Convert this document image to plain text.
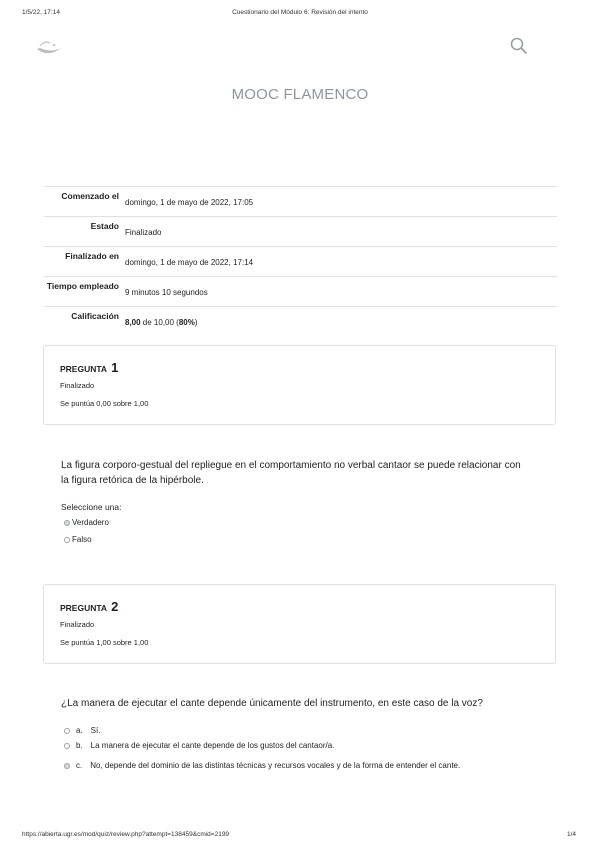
1/5/22, 17:14	Cuestionario del Módulo 6: Revisión del intento
MOOC FLAMENCO
Comenzado el	domingo, 1 de mayo de 2022, 17:05
Estado	Finalizado
Finalizado en	domingo, 1 de mayo de 2022, 17:14
Tiempo empleado	9 minutos 10 segundos
Calificación	8,00 de 10,00 (80%)
PREGUNTA 1
Finalizado
Se puntúa 0,00 sobre 1,00
La figura corporo-gestual del repliegue en el comportamiento no verbal cantaor se puede relacionar con la figura retórica de la hipérbole.
Seleccione una:
Verdadero
Falso
PREGUNTA 2
Finalizado
Se puntúa 1,00 sobre 1,00
¿La manera de ejecutar el cante depende únicamente del instrumento, en este caso de la voz?
a. Sí.
b. La manera de ejecutar el cante depende de los gustos del cantaor/a.
c. No, depende del dominio de las distintas técnicas y recursos vocales y de la forma de entender el cante.
https://abierta.ugr.es/mod/quiz/review.php?attempt=138459&cmid=2199	1/4
